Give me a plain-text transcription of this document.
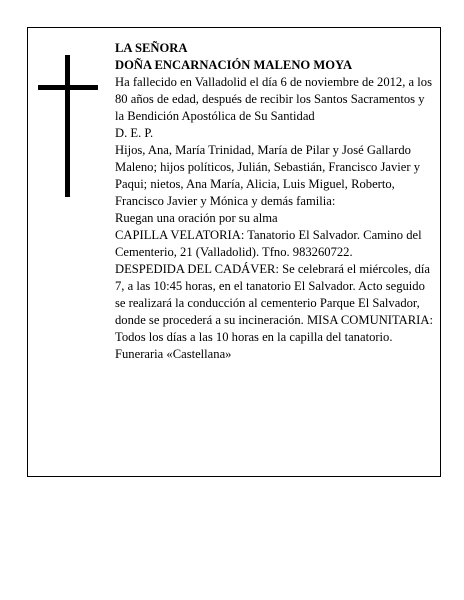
LA SEÑORA

DOÑA ENCARNACIÓN MALENO MOYA

Ha fallecido en Valladolid el día 6 de noviembre de 2012, a los 80 años de edad, después de recibir los Santos Sacramentos y la Bendición Apostólica de Su Santidad

D. E. P.

Hijos, Ana, María Trinidad, María de Pilar y José Gallardo Maleno; hijos políticos, Julián, Sebastián, Francisco Javier y Paqui; nietos, Ana María, Alicia, Luis Miguel, Roberto, Francisco Javier y Mónica y demás familia:

Ruegan una oración por su alma

CAPILLA VELATORIA: Tanatorio El Salvador. Camino del Cementerio, 21 (Valladolid). Tfno. 983260722.

DESPEDIDA DEL CADÁVER: Se celebrará el miércoles, día 7, a las 10:45 horas, en el tanatorio El Salvador. Acto seguido se realizará la conducción al cementerio Parque El Salvador, donde se procederá a su incineración. MISA COMUNITARIA: Todos los días a las 10 horas en la capilla del tanatorio.

Funeraria «Castellana»
